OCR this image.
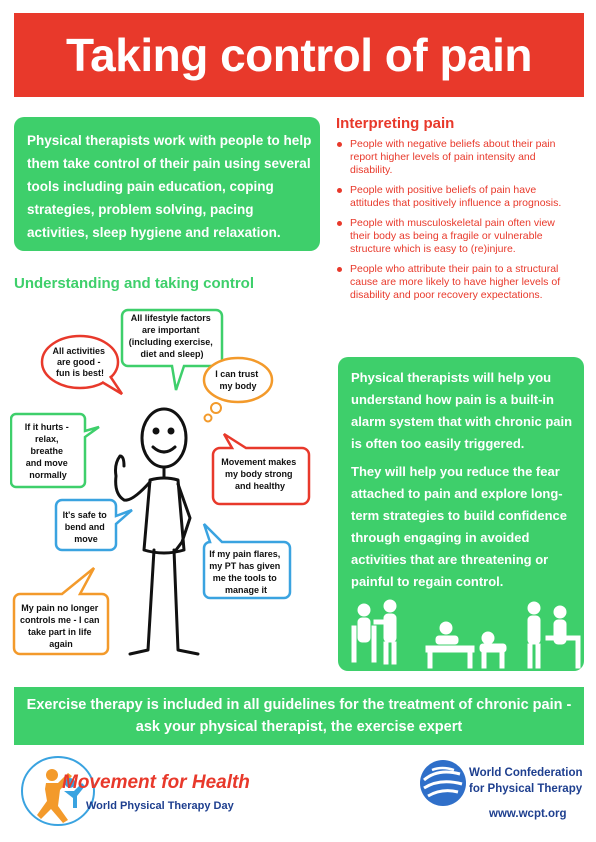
Taking control of pain
Physical therapists work with people to help them take control of their pain using several tools including pain education, coping strategies, problem solving, pacing activities, sleep hygiene and relaxation.
Understanding and taking control
All lifestyle factors are important (including exercise, diet and sleep)
All activities are good - fun is best!	I can trust my body
If it hurts - relax, breathe and move normally
Movement makes my body strong and healthy
It's safe to bend and move
If my pain flares, my PT has given me the tools to manage it
My pain no longer controls me - I can take part in life again
Interpreting pain
People with negative beliefs about their pain report higher levels of pain intensity and disability.
People with positive beliefs of pain have attitudes that positively influence a prognosis.
People with musculoskeletal pain often view their body as being a fragile or vulnerable structure which is easy to (re)injure.
People who attribute their pain to a structural cause are more likely to have higher levels of disability and poor recovery expectations.
Physical therapists will help you understand how pain is a built-in alarm system that with chronic pain is often too easily triggered.
They will help you reduce the fear attached to pain and explore long-term strategies to build confidence through engaging in avoided activities that are threatening or painful to regain control.
Exercise therapy is included in all guidelines for the treatment of chronic pain - ask your physical therapist, the exercise expert
Movement for Health
World Physical Therapy Day
World Confederation
for Physical Therapy
www.wcpt.org
